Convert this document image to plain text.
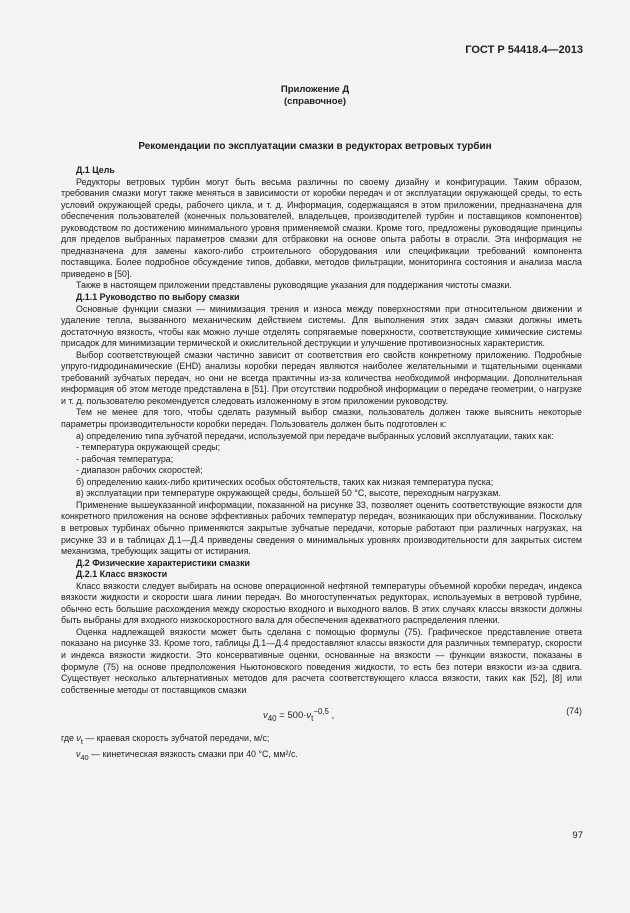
ГОСТ Р 54418.4—2013
Приложение Д
(справочное)
Рекомендации по эксплуатации смазки в редукторах ветровых турбин

Д.1 Цель

Редукторы ветровых турбин могут быть весьма различны по своему дизайну и конфигурации. Таким образом, требования смазки могут также меняться в зависимости от коробки передач и от эксплуатации окружающей среды, то есть условий окружающей среды, рабочего цикла, и т. д. Информация, содержащаяся в этом приложении, предназначена для обеспечения пользователей (конечных пользователей, владельцев, производителей турбин и поставщиков компонентов) руководством по достижению минимального уровня применяемой смазки. Кроме того, предложены руководящие принципы для пределов выбранных параметров смазки для отбраковки на основе опыта работы в отрасли. Эта информация не предназначена для замены какого-либо строительного оборудования или спецификации требований компонента поставщика. Более подробное обсуждение типов, добавки, методов фильтрации, мониторинга состояния и анализа масла приведено в [50].

Также в настоящем приложении представлены руководящие указания для поддержания чистоты смазки.

Д.1.1 Руководство по выбору смазки

Основные функции смазки — минимизация трения и износа между поверхностями при относительном движении и удаление тепла, вызванного механическим действием системы. Для выполнения этих задач смазки должны иметь достаточную вязкость, чтобы как можно лучше отделять сопрягаемые поверхности, соответствующие химические системы присадок для минимизации термической и окислительной деструкции и улучшение противоизносных характеристик.

Выбор соответствующей смазки частично зависит от соответствия его свойств конкретному приложению. Подробные упруго-гидродинамические (EHD) анализы коробки передач являются наиболее желательными и тщательными оценками требований зубчатых передач, но они не всегда практичны из-за количества необходимой информации. Дополнительная информация об этом методе представлена в [51]. При отсутствии подробной информации о передаче геометрии, о нагрузке и т. д. пользователю рекомендуется следовать изложенному в этом приложении руководству.

Тем не менее для того, чтобы сделать разумный выбор смазки, пользователь должен также выяснить некоторые параметры производительности коробки передач. Пользователь должен быть подготовлен к:

а) определению типа зубчатой передачи, используемой при передаче выбранных условий эксплуатации, таких как:

- температура окружающей среды;

- рабочая температура;

- диапазон рабочих скоростей;

б) определению каких-либо критических особых обстоятельств, таких как низкая температура пуска;

в) эксплуатации при температуре окружающей среды, большей 50 °С, высоте, переходным нагрузкам.

Применение вышеуказанной информации, показанной на рисунке 33, позволяет оценить соответствующие вязкости для конкретного приложения на основе эффективных рабочих температур передач, возникающих при обслуживании. Поскольку в ветровых турбинах обычно применяются закрытые зубчатые передачи, которые работают при различных нагрузках, на рисунке 33 и в таблицах Д.1—Д.4 приведены сведения о минимальных уровнях производительности для закрытых систем механизма, требующих защиты от истирания.

Д.2 Физические характеристики смазки

Д.2.1 Класс вязкости

Класс вязкости следует выбирать на основе операционной нефтяной температуры объемной коробки передач, индекса вязкости жидкости и скорости шага линии передач. Во многоступенчатых редукторах, используемых в ветровой турбине, обычно есть большие расхождения между скоростью входного и выходного валов. В этих случаях классы вязкости должны быть выбраны для входного низкоскоростного вала для обеспечения адекватного распределения пленки.

Оценка надлежащей вязкости может быть сделана с помощью формулы (75). Графическое представление ответа показано на рисунке 33. Кроме того, таблицы Д.1—Д.4 предоставляют классы вязкости для различных температур, скорости и индекса вязкости жидкости. Это консервативные оценки, основанные на вязкости — функции вязкости, показаны в формуле (75) на основе предположения Ньютоновского поведения жидкости, то есть без потери вязкости из-за сдвига. Существует несколько альтернативных методов для расчета соответствующего класса вязкости, таких как [52], [8] или собственные методы от поставщиков смазки

$\nu_{40} = 500\cdot\nu_t^{-0,5}$ ,	(74)
где $\nu_t$ — краевая скорость зубчатой передачи, м/с;
$\nu_{40}$ — кинетическая вязкость смазки при 40 °С, мм²/с.
97
